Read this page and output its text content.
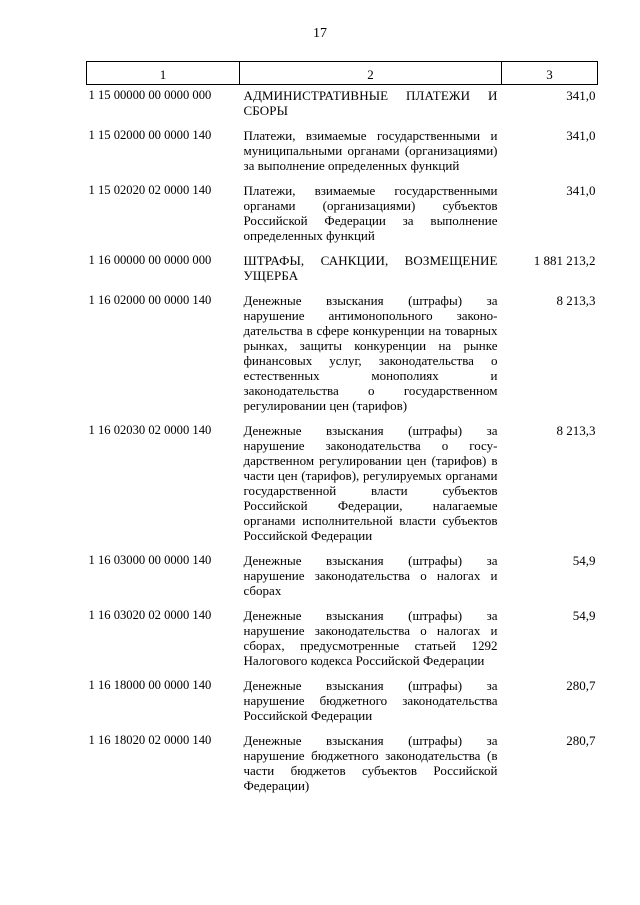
17
1	2	3
1 15 00000 00 0000 000	АДМИНИСТРАТИВНЫЕ ПЛАТЕЖИ И СБОРЫ	341,0
1 15 02000 00 0000 140	Платежи, взимаемые государственными и муниципальными органами (организациями) за выполнение определенных функций	341,0
1 15 02020 02 0000 140	Платежи, взимаемые государственными органами (организациями) субъектов Российской Федерации за выполнение определенных функций	341,0
1 16 00000 00 0000 000	ШТРАФЫ, САНКЦИИ, ВОЗМЕЩЕНИЕ УЩЕРБА	1 881 213,2
1 16 02000 00 0000 140	Денежные взыскания (штрафы) за нарушение антимонопольного законодательства в сфере конкуренции на товарных рынках, защиты конкуренции на рынке финансовых услуг, законодательства о естественных монополиях и законодательства о государственном регулировании цен (тарифов)	8 213,3
1 16 02030 02 0000 140	Денежные взыскания (штрафы) за нарушение законодательства о государственном регулировании цен (тарифов) в части цен (тарифов), регулируемых органами государственной власти субъектов Российской Федерации, налагаемые органами исполнительной власти субъектов Российской Федерации	8 213,3
1 16 03000 00 0000 140	Денежные взыскания (штрафы) за нарушение законодательства о налогах и сборах	54,9
1 16 03020 02 0000 140	Денежные взыскания (штрафы) за нарушение законодательства о налогах и сборах, предусмотренные статьей 1292 Налогового кодекса Российской Федерации	54,9
1 16 18000 00 0000 140	Денежные взыскания (штрафы) за нарушение бюджетного законодательства Российской Федерации	280,7
1 16 18020 02 0000 140	Денежные взыскания (штрафы) за нарушение бюджетного законодательства (в части бюджетов субъектов Российской Федерации)	280,7
